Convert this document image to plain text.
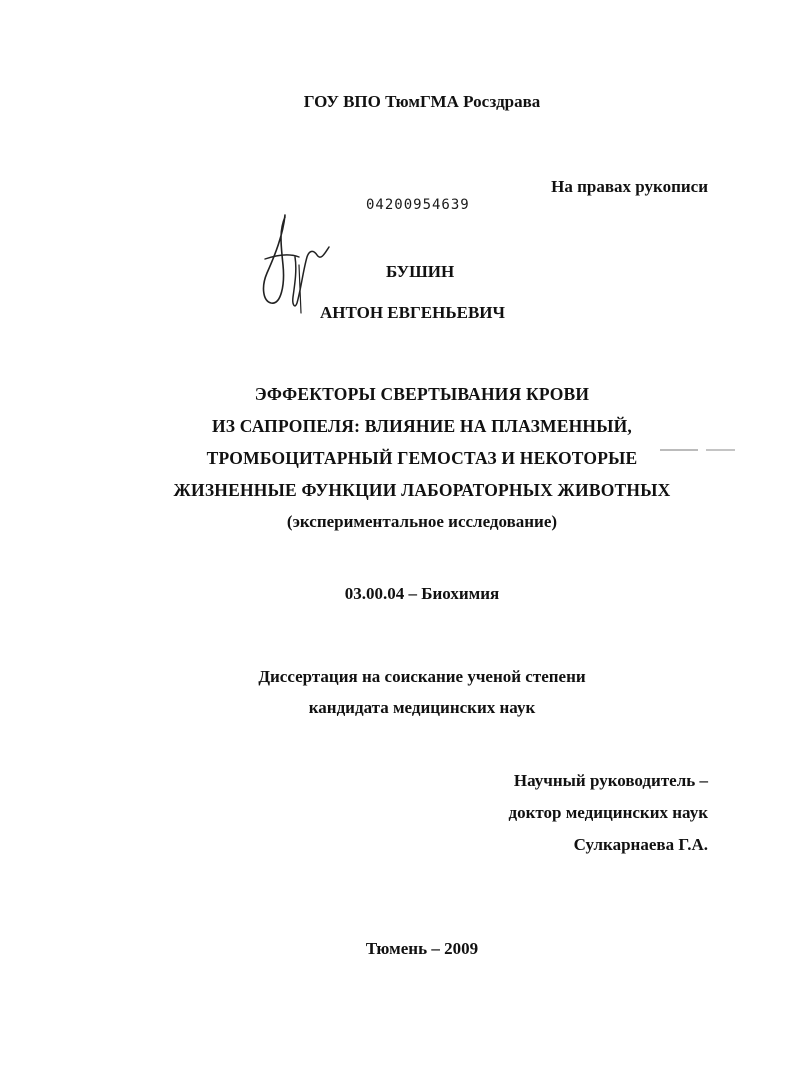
ГОУ ВПО ТюмГМА Росздрава
На правах рукописи
04200954639
БУШИН
АНТОН ЕВГЕНЬЕВИЧ
ЭФФЕКТОРЫ СВЕРТЫВАНИЯ КРОВИ
ИЗ САПРОПЕЛЯ: ВЛИЯНИЕ НА ПЛАЗМЕННЫЙ,
ТРОМБОЦИТАРНЫЙ ГЕМОСТАЗ И НЕКОТОРЫЕ
ЖИЗНЕННЫЕ ФУНКЦИИ ЛАБОРАТОРНЫХ ЖИВОТНЫХ
(экспериментальное исследование)
03.00.04 – Биохимия
Диссертация на соискание ученой степени
кандидата медицинских наук
Научный руководитель –
доктор медицинских наук
Сулкарнаева Г.А.
Тюмень – 2009
